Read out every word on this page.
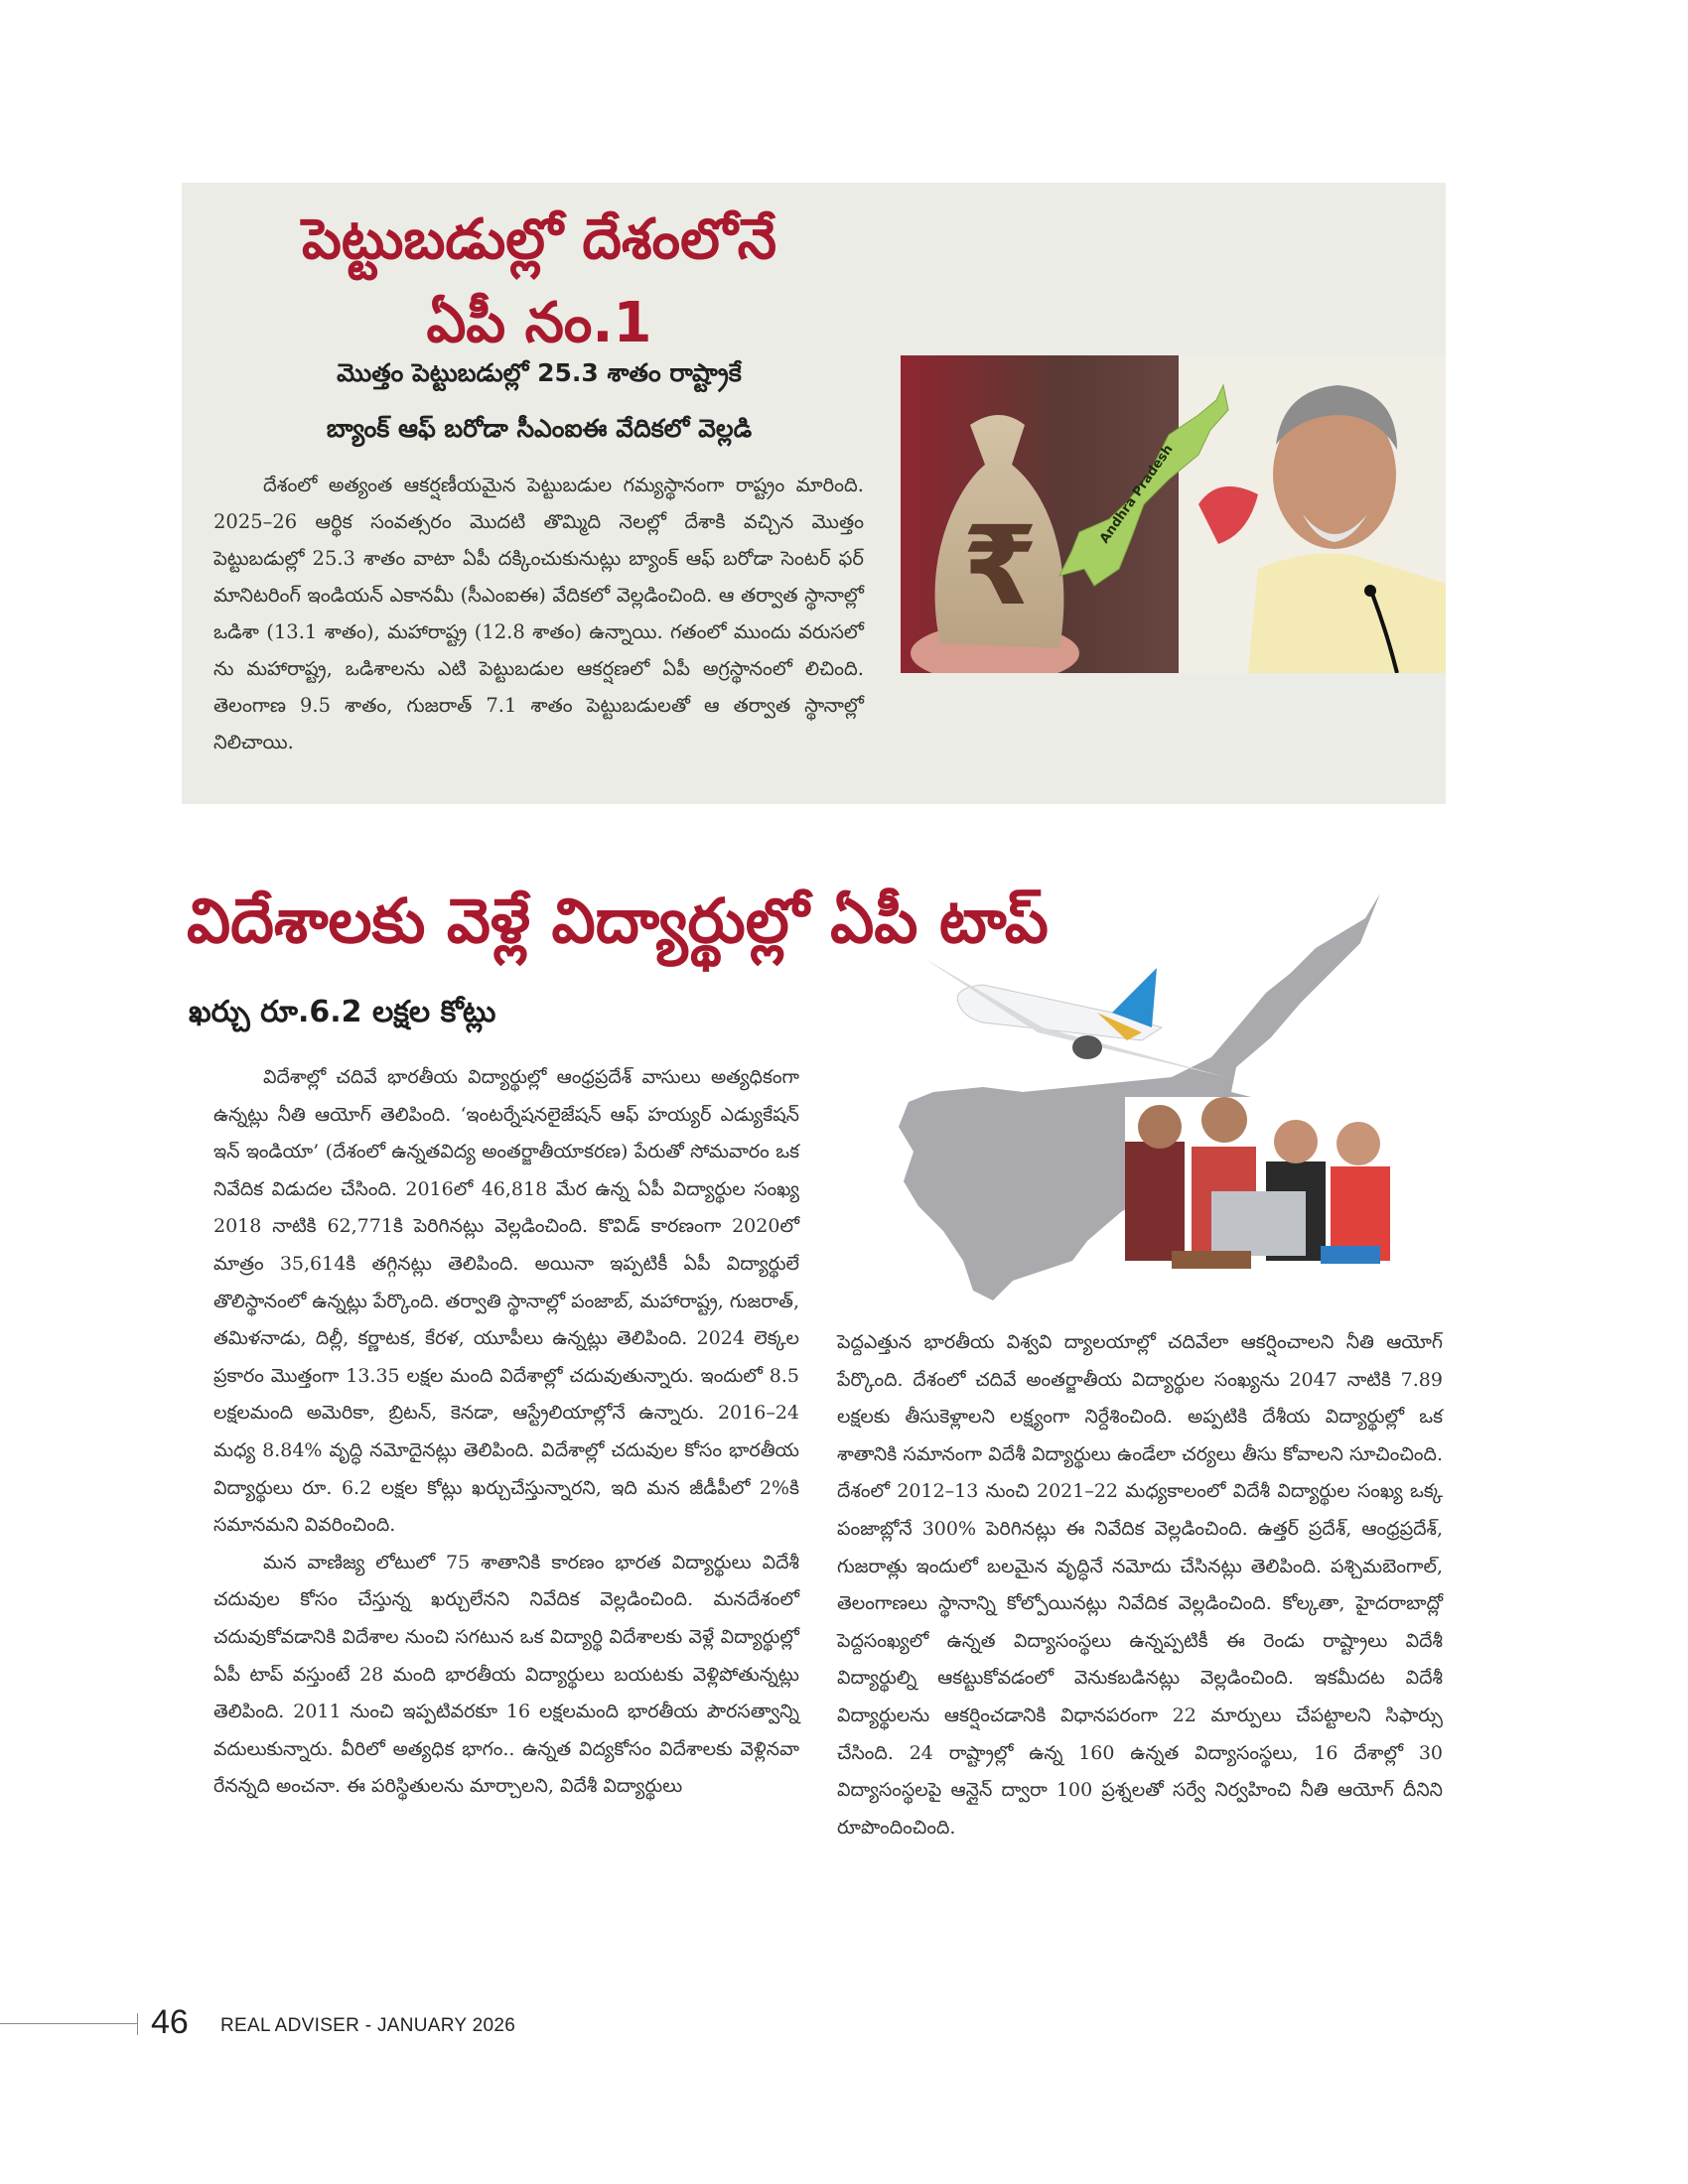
పెట్టుబడుల్లో దేశంలోనే
ఏపీ నం.1
మొత్తం పెట్టుబడుల్లో 25.3 శాతం రాష్ట్రాకే
బ్యాంక్ ఆఫ్ బరోడా సీఎంఐఈ వేదికలో వెల్లడి

దేశంలో అత్యంత ఆకర్షణీయమైన పెట్టుబడుల గమ్యస్థానంగా రాష్ట్రం మారింది. 2025–26 ఆర్థిక సంవత్సరం మొదటి తొమ్మిది నెలల్లో దేశాకి వచ్చిన మొత్తం పెట్టుబడుల్లో 25.3 శాతం వాటా ఏపీ దక్కించుకునుట్లు బ్యాంక్ ఆఫ్ బరోడా సెంటర్ ఫర్ మానిటరింగ్ ఇండియన్ ఎకానమీ (సీఎంఐఈ) వేదికలో వెల్లడించింది. ఆ తర్వాత స్థానాల్లో ఒడిశా (13.1 శాతం), మహారాష్ట్ర (12.8 శాతం) ఉన్నాయి. గతంలో ముందు వరుసలో ను మహారాష్ట్ర, ఒడిశాలను ఎటి పెట్టుబడుల ఆకర్షణలో ఏపీ అగ్రస్థానంలో లిచింది. తెలంగాణ 9.5 శాతం, గుజరాత్ 7.1 శాతం పెట్టుబడులతో ఆ తర్వాత స్థానాల్లో నిలిచాయి.

₹
Andhra Pradesh
విదేశాలకు వెళ్లే విద్యార్థుల్లో ఏపీ టాప్
ఖర్చు రూ.6.2 లక్షల కోట్లు

విదేశాల్లో చదివే భారతీయ విద్యార్థుల్లో ఆంధ్రప్రదేశ్ వాసులు అత్యధికంగా ఉన్నట్లు నీతి ఆయోగ్ తెలిపింది. ‘ఇంటర్నేషనలైజేషన్ ఆఫ్ హయ్యర్ ఎడ్యుకేషన్ ఇన్ ఇండియా’ (దేశంలో ఉన్నతవిద్య అంతర్జాతీయాకరణ) పేరుతో సోమవారం ఒక నివేదిక విడుదల చేసింది. 2016లో 46,818 మేర ఉన్న ఏపీ విద్యార్థుల సంఖ్య 2018 నాటికి 62,771కి పెరిగినట్లు వెల్లడించింది. కొవిడ్ కారణంగా 2020లో మాత్రం 35,614కి తగ్గినట్లు తెలిపింది. అయినా ఇప్పటికీ ఏపీ విద్యార్థులే తొలిస్థానంలో ఉన్నట్లు పేర్కొంది. తర్వాతి స్థానాల్లో పంజాబ్, మహారాష్ట్ర, గుజరాత్, తమిళనాడు, దిల్లీ, కర్ణాటక, కేరళ, యూపీలు ఉన్నట్లు తెలిపింది. 2024 లెక్కల ప్రకారం మొత్తంగా 13.35 లక్షల మంది విదేశాల్లో చదువుతున్నారు. ఇందులో 8.5 లక్షలమంది అమెరికా, బ్రిటన్, కెనడా, ఆస్ట్రేలియాల్లోనే ఉన్నారు. 2016–24 మధ్య 8.84% వృద్ధి నమోదైనట్లు తెలిపింది. విదేశాల్లో చదువుల కోసం భారతీయ విద్యార్థులు రూ. 6.2 లక్షల కోట్లు ఖర్చుచేస్తున్నారని, ఇది మన జీడీపీలో 2%కి సమానమని వివరించింది.

మన వాణిజ్య లోటులో 75 శాతానికి కారణం భారత విద్యార్థులు విదేశీ చదువుల కోసం చేస్తున్న ఖర్చులేనని నివేదిక వెల్లడించింది. మనదేశంలో చదువుకోవడానికి విదేశాల నుంచి సగటున ఒక విద్యార్థి విదేశాలకు వెళ్లే విద్యార్థుల్లో ఏపీ టాప్ వస్తుంటే 28 మంది భారతీయ విద్యార్థులు బయటకు వెళ్లిపోతున్నట్లు తెలిపింది. 2011 నుంచి ఇప్పటివరకూ 16 లక్షలమంది భారతీయ పౌరసత్వాన్ని వదులుకున్నారు. వీరిలో అత్యధిక భాగం.. ఉన్నత విద్యకోసం విదేశాలకు వెళ్లినవా రేనన్నది అంచనా. ఈ పరిస్థితులను మార్చాలని, విదేశీ విద్యార్థులు

పెద్దఎత్తున భారతీయ విశ్వవి ద్యాలయాల్లో చదివేలా ఆకర్షించాలని నీతి ఆయోగ్ పేర్కొంది. దేశంలో చదివే అంతర్జాతీయ విద్యార్థుల సంఖ్యను 2047 నాటికి 7.89 లక్షలకు తీసుకెళ్లాలని లక్ష్యంగా నిర్దేశించింది. అప్పటికి దేశీయ విద్యార్థుల్లో ఒక శాతానికి సమానంగా విదేశీ విద్యార్థులు ఉండేలా చర్యలు తీసు కోవాలని సూచించింది. దేశంలో 2012–13 నుంచి 2021–22 మధ్యకాలంలో విదేశీ విద్యార్థుల సంఖ్య ఒక్క పంజాబ్లోనే 300% పెరిగినట్లు ఈ నివేదిక వెల్లడించింది. ఉత్తర్ ప్రదేశ్, ఆంధ్రప్రదేశ్, గుజరాత్లు ఇందులో బలమైన వృద్ధినే నమోదు చేసినట్లు తెలిపింది. పశ్చిమబెంగాల్, తెలంగాణలు స్థానాన్ని కోల్పోయినట్లు నివేదిక వెల్లడించింది. కోల్కతా, హైదరాబాద్లో పెద్దసంఖ్యలో ఉన్నత విద్యాసంస్థలు ఉన్నప్పటికీ ఈ రెండు రాష్ట్రాలు విదేశీ విద్యార్థుల్ని ఆకట్టుకోవడంలో వెనుకబడినట్లు వెల్లడించింది. ఇకమీదట విదేశీ విద్యార్థులను ఆకర్షించడానికి విధానపరంగా 22 మార్పులు చేపట్టాలని సిఫార్సు చేసింది. 24 రాష్ట్రాల్లో ఉన్న 160 ఉన్నత విద్యాసంస్థలు, 16 దేశాల్లో 30 విద్యాసంస్థలపై ఆన్లైన్ ద్వారా 100 ప్రశ్నలతో సర్వే నిర్వహించి నీతి ఆయోగ్ దీనిని రూపొందించింది.

46 REAL ADVISER - JANUARY 2026
